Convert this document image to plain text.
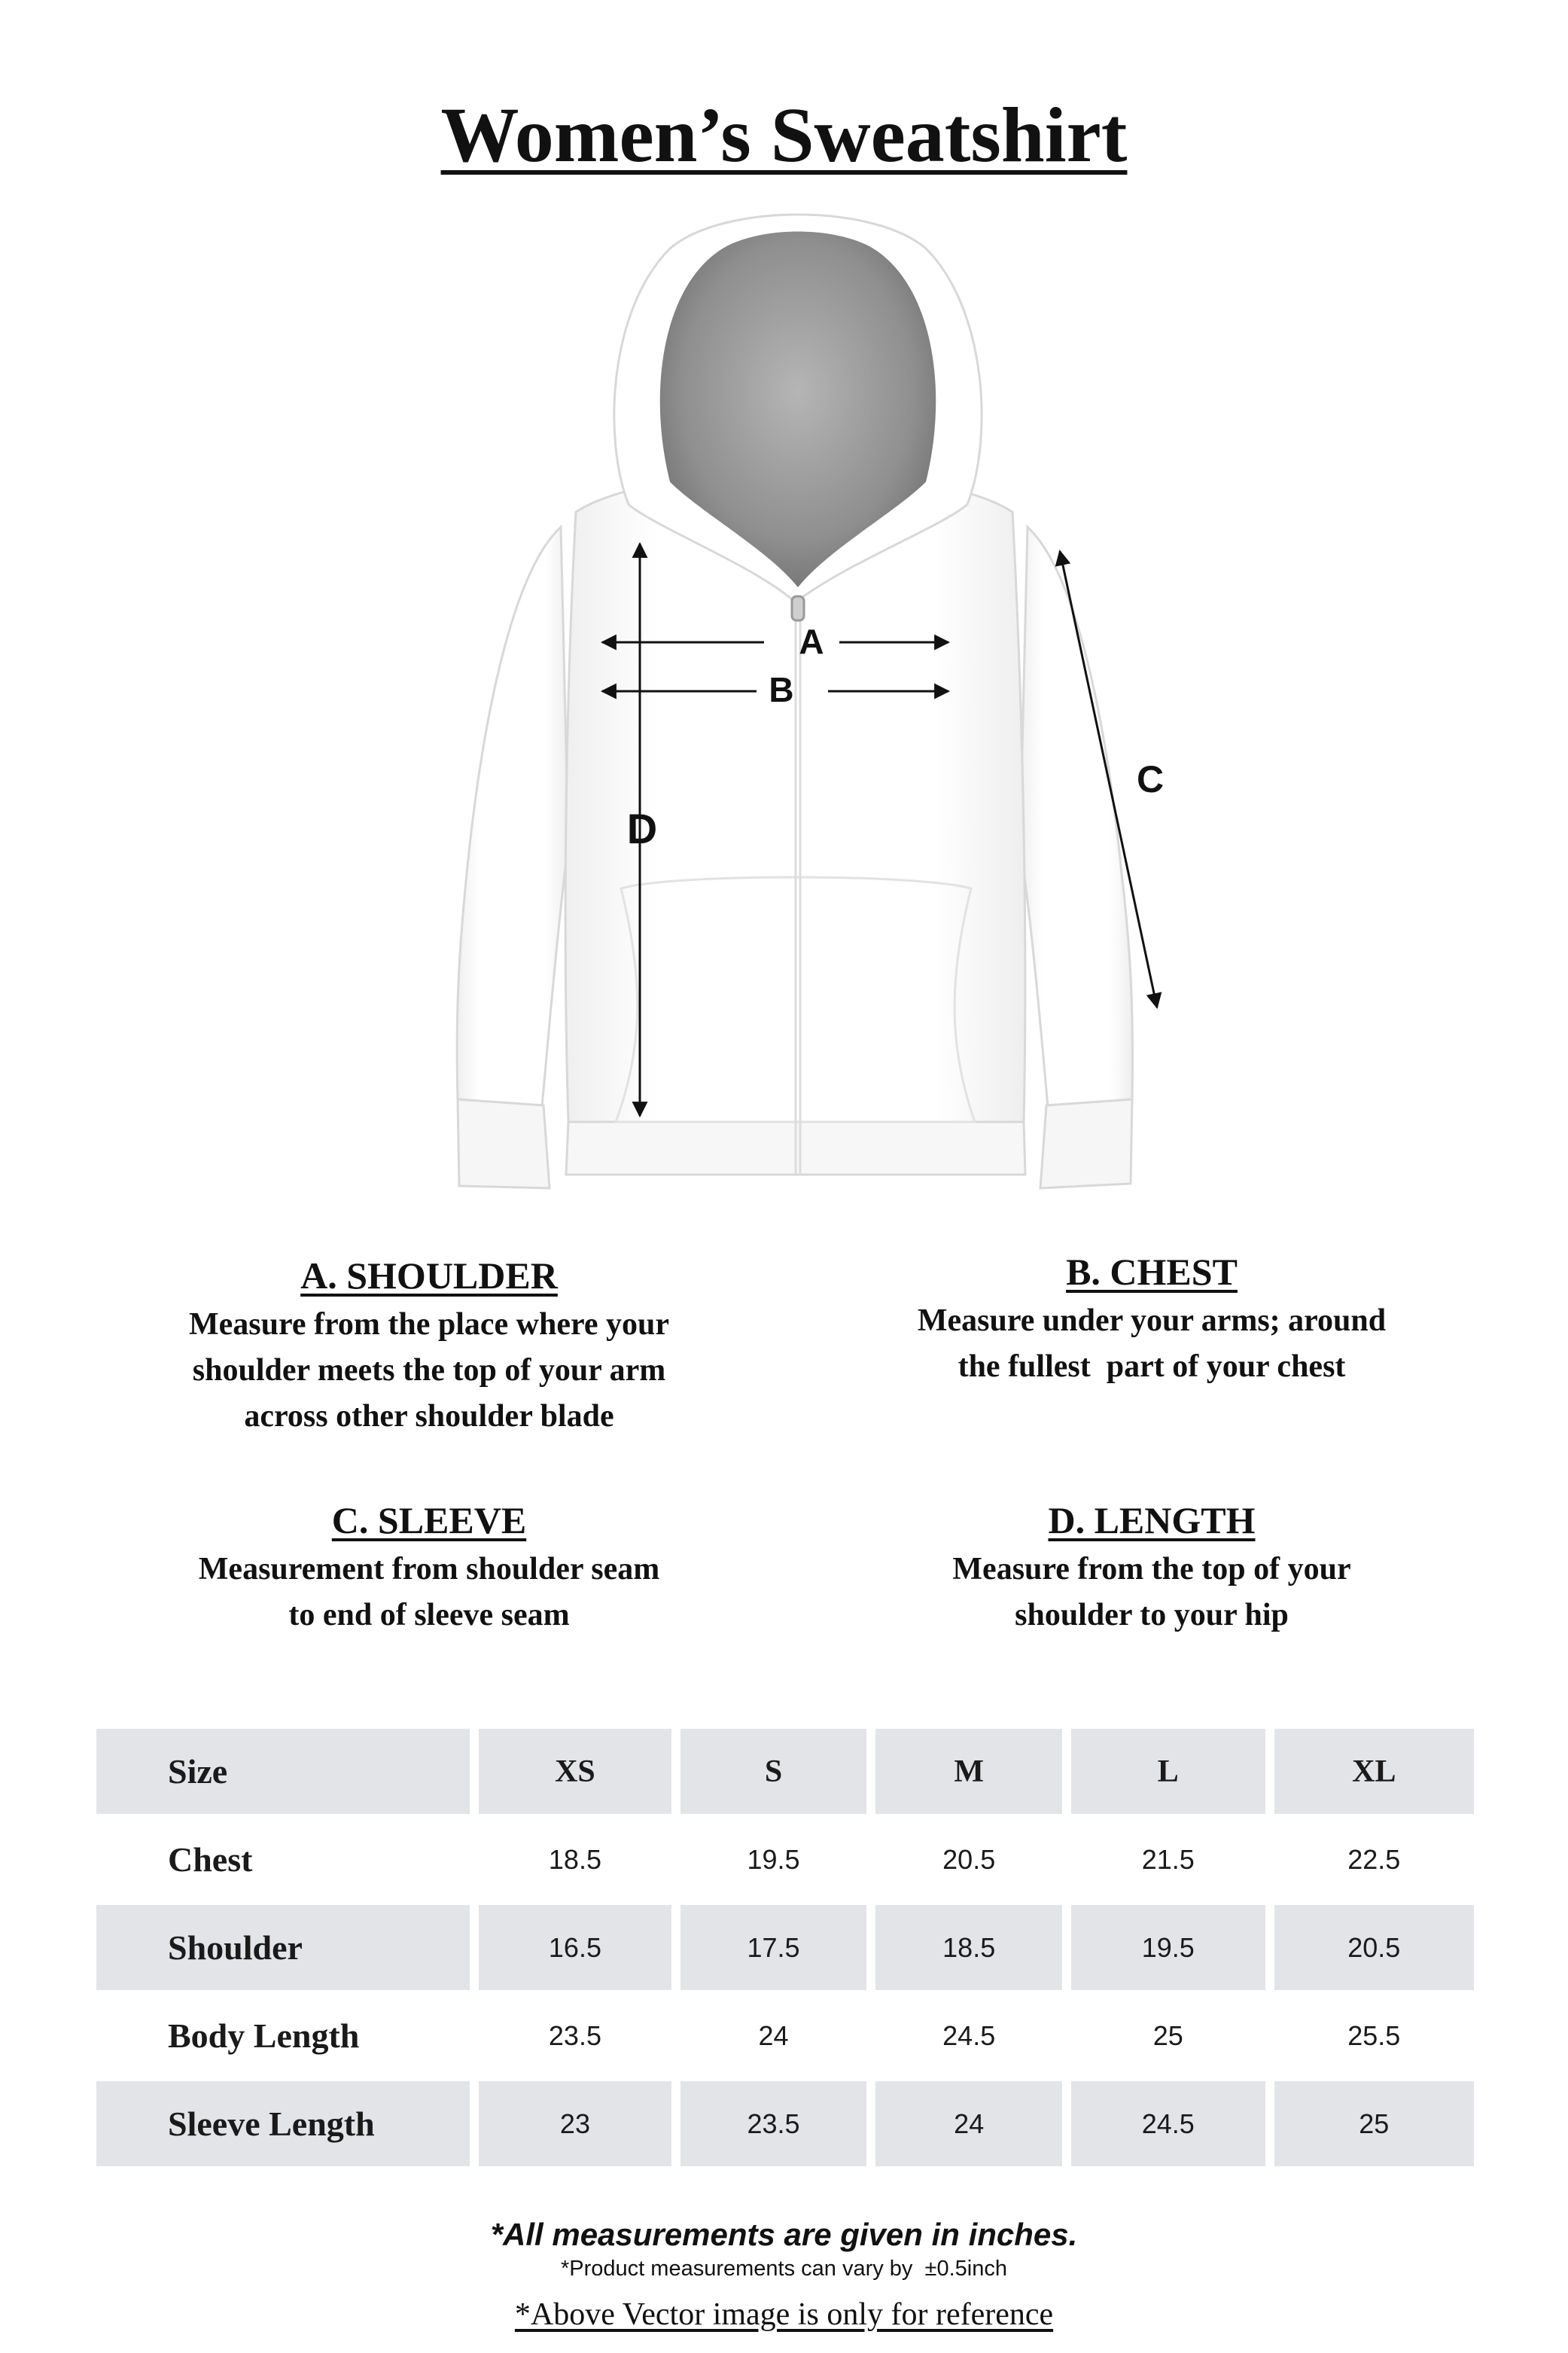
Women’s Sweatshirt
A
B
C
D
A. SHOULDER
Measure from the place where your
shoulder meets the top of your arm
across other shoulder blade
B. CHEST
Measure under your arms; around
the fullest  part of your chest
C. SLEEVE
Measurement from shoulder seam
to end of sleeve seam
D. LENGTH
Measure from the top of your
shoulder to your hip
Size	XS	S	M	L	XL
Chest	18.5	19.5	20.5	21.5	22.5
Shoulder	16.5	17.5	18.5	19.5	20.5
Body Length	23.5	24	24.5	25	25.5
Sleeve Length	23	23.5	24	24.5	25
*All measurements are given in inches.
*Product measurements can vary by  ±0.5inch
*Above Vector image is only for reference
